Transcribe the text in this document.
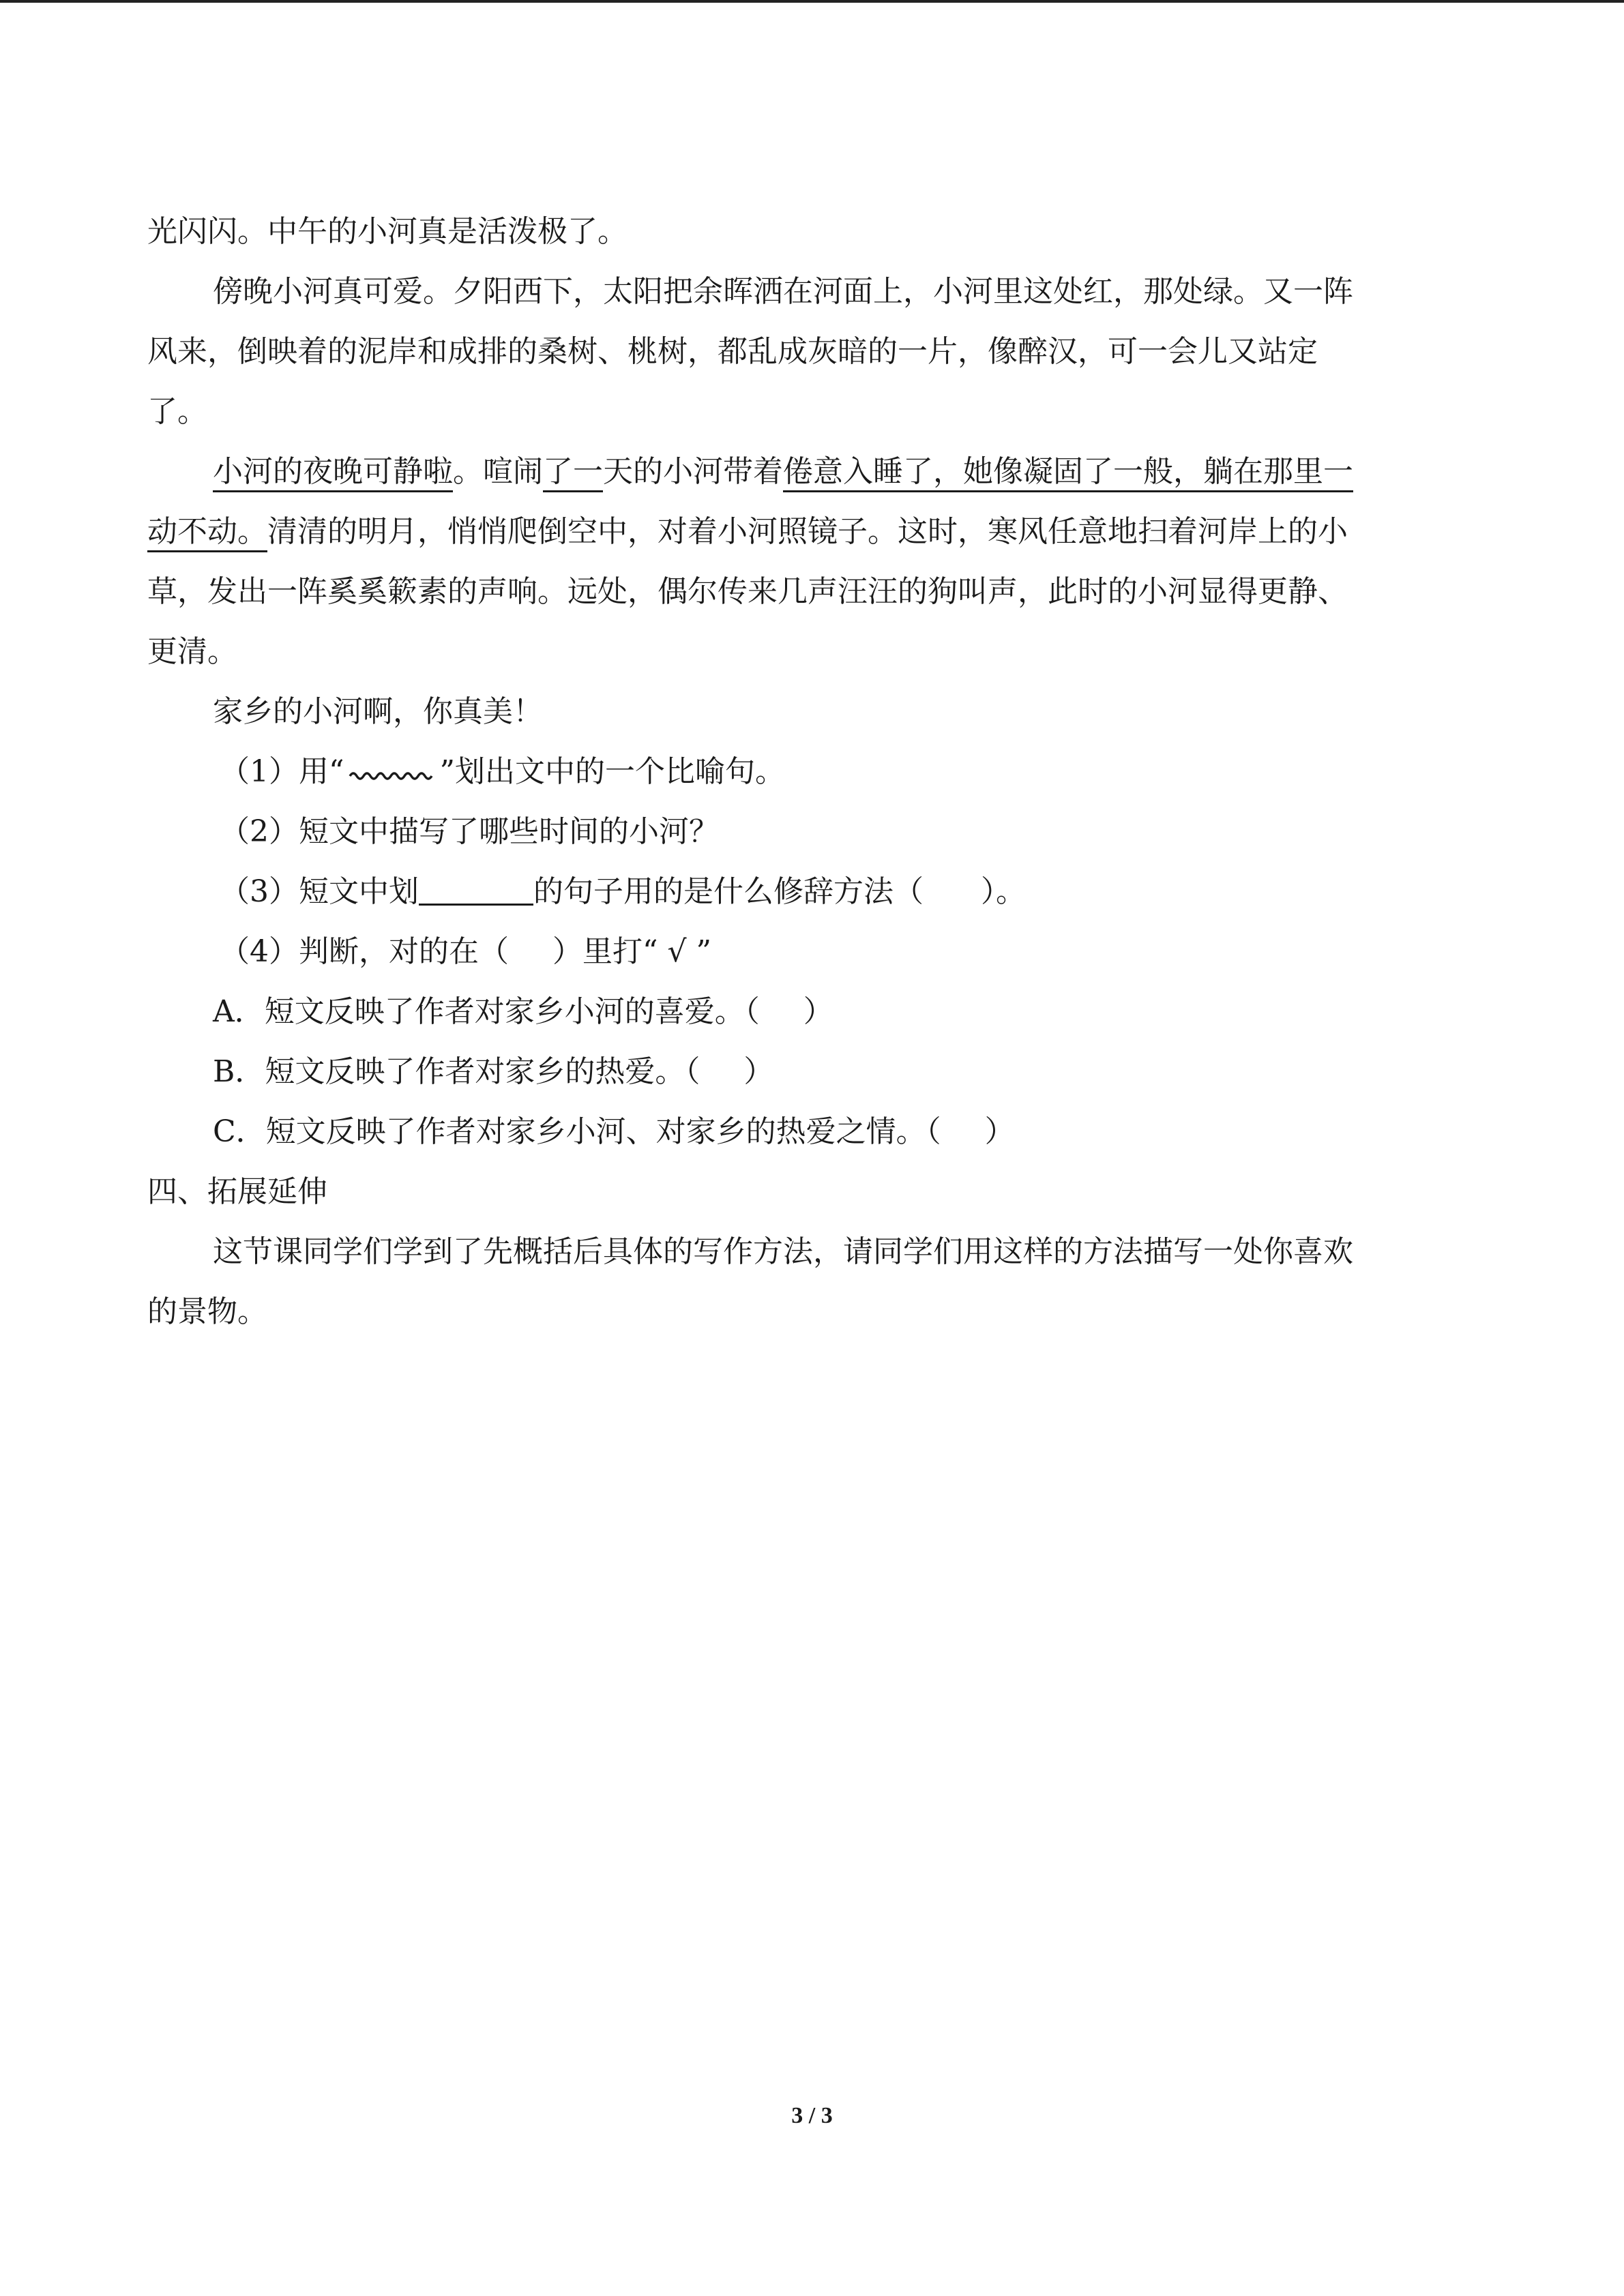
光闪闪。中午的小河真是活泼极了。
傍晚小河真可爱。夕阳西下，太阳把余晖洒在河面上，小河里这处红，那处绿。又一阵
风来，倒映着的泥岸和成排的桑树、桃树，都乱成灰暗的一片，像醉汉，可一会儿又站定
了。
小河的夜晚可静啦。喧闹了一天的小河带着倦意入睡了，她像凝固了一般，躺在那里一
动不动。清清的明月，悄悄爬倒空中，对着小河照镜子。这时，寒风任意地扫着河岸上的小
草，发出一阵奚奚簌素的声响。远处，偶尔传来几声汪汪的狗叫声，此时的小河显得更静、
更清。
家乡的小河啊，你真美！
（1）用“	”划出文中的一个比喻句。
（2）短文中描写了哪些时间的小河？
（3）短文中划	的句子用的是什么修辞方法（ ）。
（4）判断，对的在（ ）里打“ √ ”
A．短文反映了作者对家乡小河的喜爱。（ ）
B．短文反映了作者对家乡的热爱。（ ）
C．短文反映了作者对家乡小河、对家乡的热爱之情。（ ）
四、拓展延伸
这节课同学们学到了先概括后具体的写作方法，请同学们用这样的方法描写一处你喜欢
的景物。
3 / 3
